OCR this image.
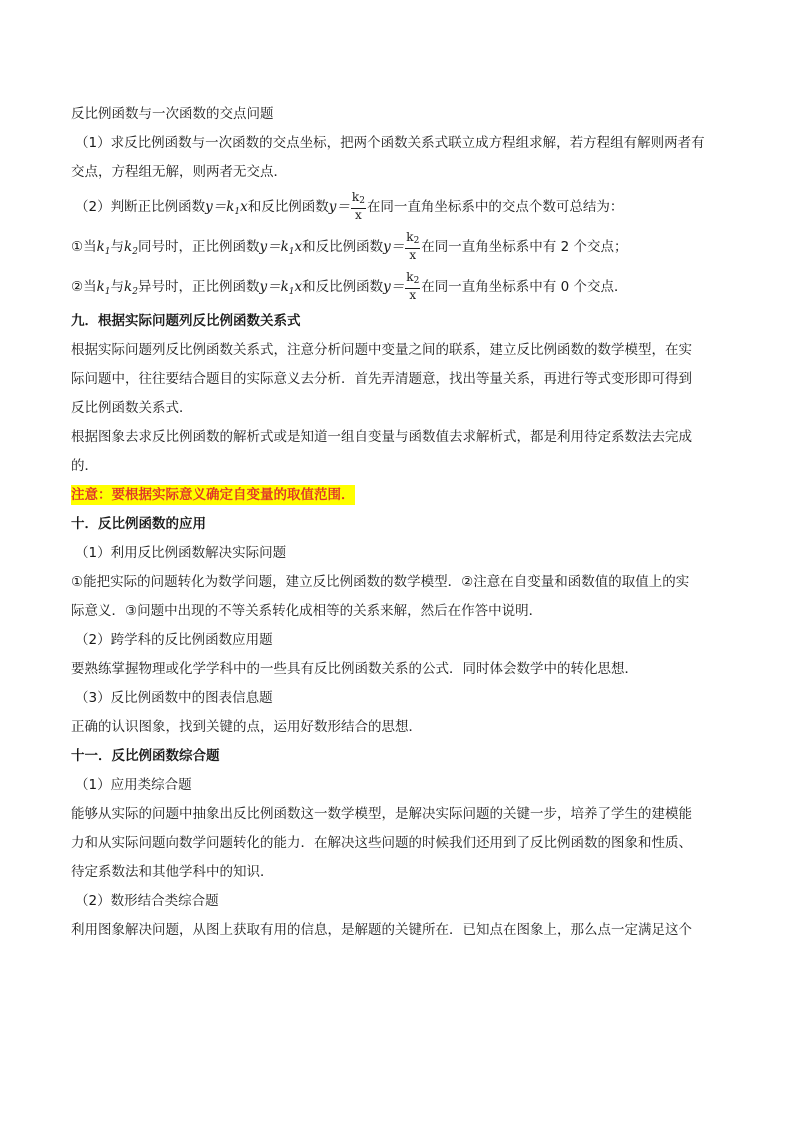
反比例函数与一次函数的交点问题
（1）求反比例函数与一次函数的交点坐标，把两个函数关系式联立成方程组求解，若方程组有解则两者有
交点，方程组无解，则两者无交点．
（2）判断正比例函数$y=k_1x$和反比例函数$y= \frac{k2}{x}$ 在同一直角坐标系中的交点个数可总结为：
①当$k_1$与$k_2$同号时，正比例函数$y=k_1x$和反比例函数$y= \frac{k2}{x}$ 在同一直角坐标系中有 2 个交点；
②当$k_1$与$k_2$异号时，正比例函数$y=k_1x$和反比例函数$y= \frac{k2}{x}$ 在同一直角坐标系中有 0 个交点．
九．根据实际问题列反比例函数关系式
根据实际问题列反比例函数关系式，注意分析问题中变量之间的联系，建立反比例函数的数学模型，在实
际问题中，往往要结合题目的实际意义去分析．首先弄清题意，找出等量关系，再进行等式变形即可得到
反比例函数关系式．
根据图象去求反比例函数的解析式或是知道一组自变量与函数值去求解析式，都是利用待定系数法去完成
的．
注意：要根据实际意义确定自变量的取值范围．
十．反比例函数的应用
（1）利用反比例函数解决实际问题
①能把实际的问题转化为数学问题，建立反比例函数的数学模型．②注意在自变量和函数值的取值上的实
际意义．③问题中出现的不等关系转化成相等的关系来解，然后在作答中说明．
（2）跨学科的反比例函数应用题
要熟练掌握物理或化学学科中的一些具有反比例函数关系的公式．同时体会数学中的转化思想．
（3）反比例函数中的图表信息题
正确的认识图象，找到关键的点，运用好数形结合的思想．
十一．反比例函数综合题
（1）应用类综合题
能够从实际的问题中抽象出反比例函数这一数学模型，是解决实际问题的关键一步，培养了学生的建模能
力和从实际问题向数学问题转化的能力．在解决这些问题的时候我们还用到了反比例函数的图象和性质、
待定系数法和其他学科中的知识．
（2）数形结合类综合题
利用图象解决问题，从图上获取有用的信息，是解题的关键所在．已知点在图象上，那么点一定满足这个
